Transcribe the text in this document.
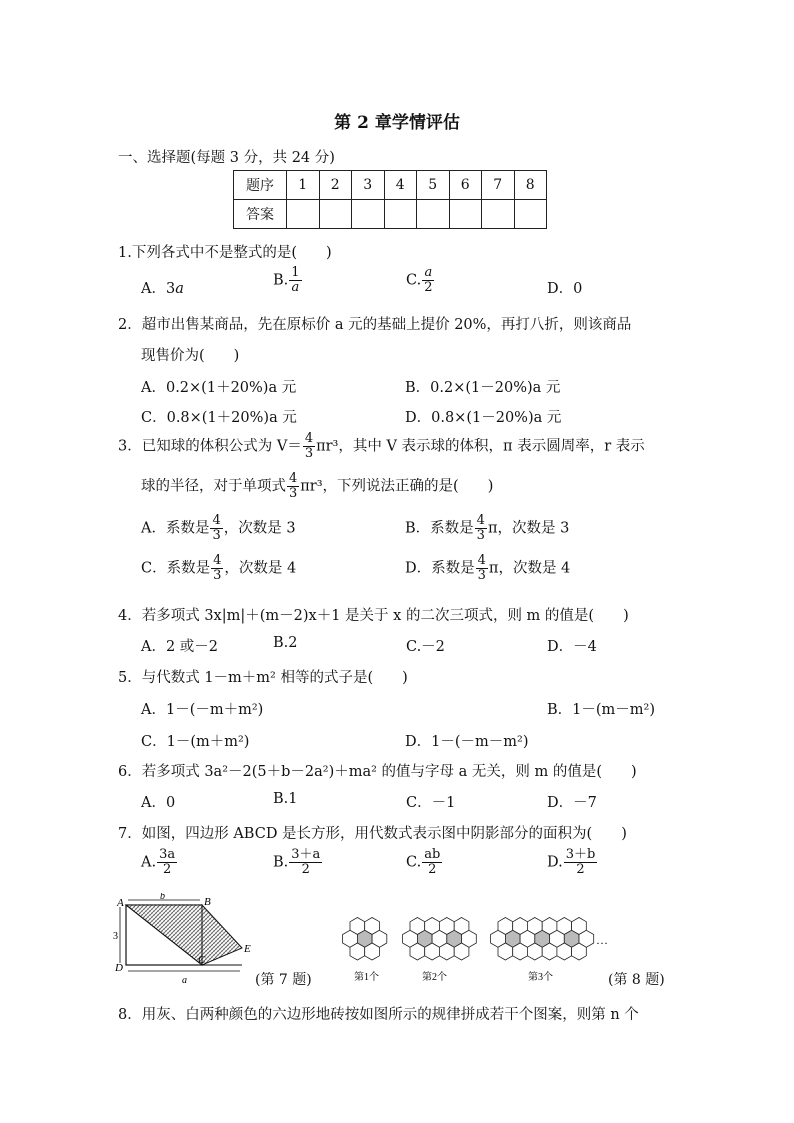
第 2 章学情评估
一、选择题(每题 3 分，共 24 分)
题序	1	2	3	4	5	6	7	8
答案								
1.下列各式中不是整式的是(　　)
A．3a
B. $\frac{1}{a}$	C. $\frac{a}{2}$	D．0
2．超市出售某商品，先在原标价 a 元的基础上提价 20%，再打八折，则该商品
现售价为(　　)
A．0.2×(1＋20%)a 元	B．0.2×(1－20%)a 元
C．0.8×(1＋20%)a 元	D．0.8×(1－20%)a 元
3．已知球的体积公式为 $V= \frac{4}{3} \pi r^3$，其中 V 表示球的体积，π 表示圆周率，r 表示
球的半径，对于单项式 $\frac{4}{3} \pi r^3$，下列说法正确的是(　　)
A．系数是 $\frac{4}{3}$ ，次数是 3	B．系数是 $\frac{4}{3}$ π，次数是 3
C．系数是 $\frac{4}{3}$ ，次数是 4	D．系数是 $\frac{4}{3}$ π，次数是 4
4．若多项式 3x|m|＋(m－2)x＋1 是关于 x 的二次三项式，则 m 的值是(　　)
A．2 或－2	B.2	C.－2	D．－4
5．与代数式 1－m＋m² 相等的式子是(　　)
A．1－(－m＋m²)	B．1－(m－m²)
C．1－(m＋m²)	D．1－(－m－m²)
6．若多项式 3a²－2(5＋b－2a²)＋ma² 的值与字母 a 无关，则 m 的值是(　　)
A．0	B.1	C．－1	D．－7
7．如图，四边形 ABCD 是长方形，用代数式表示图中阴影部分的面积为(　　)
A. $\frac{3a}{2}$	B. $\frac{3+a}{2}$	C. $\frac{ab}{2}$	D. $\frac{3+b}{2}$
A	B
C
D
E
b
3
a	(第 7 题)	第1个	第2个	第3个
…
(第 8 题)
8．用灰、白两种颜色的六边形地砖按如图所示的规律拼成若干个图案，则第 n 个
